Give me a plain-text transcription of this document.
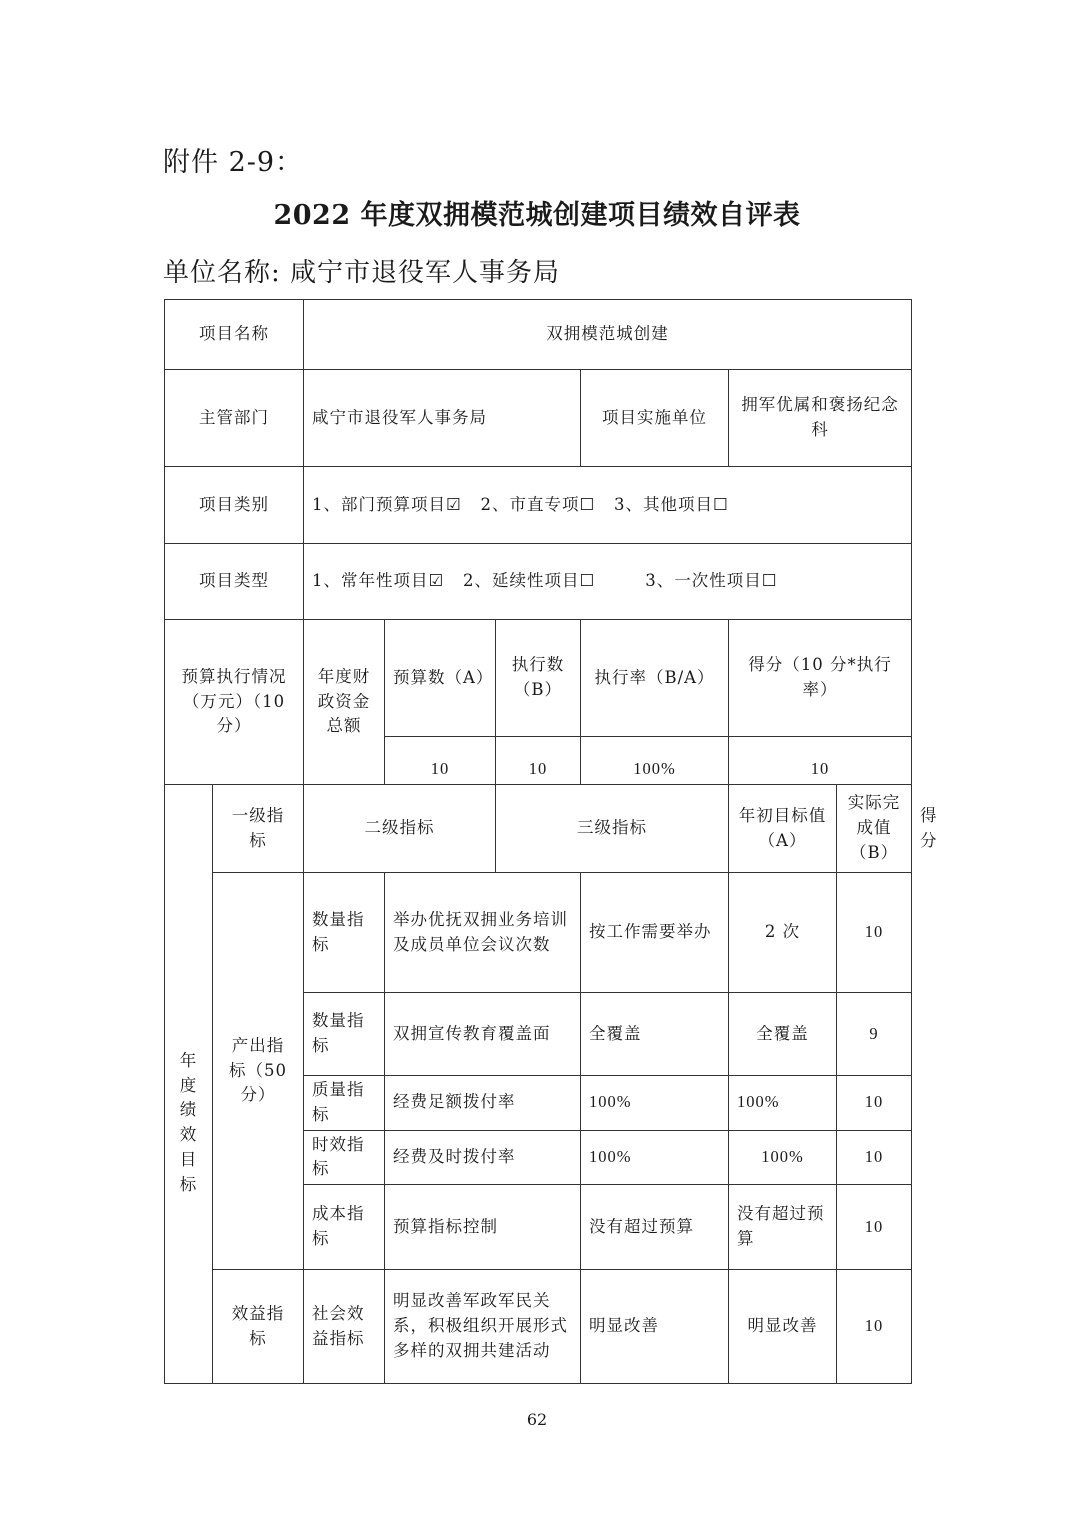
附件 2-9：
2022 年度双拥模范城创建项目绩效自评表
单位名称: 咸宁市退役军人事务局
项目名称		双拥模范城创建						
主管部门		咸宁市退役军人事务局			项目实施单位	拥军优属和褒扬纪念科		
项目类别		1、部门预算项目☑   2、市直专项☐   3、其他项目☐						
项目类型		1、常年性项目☑   2、延续性项目☐        3、一次性项目☐						
预算执行情况（万元）（10 分）		年度财政资金总额	预算数（A）	执行数（B）	执行率（B/A）	得分（10 分*执行率）		
			10	10	100%	10		
年度绩效目标	一级指标	二级指标		三级指标		年初目标值（A）	实际完成值（B）	得分
	产出指标（50 分）	数量指标	举办优抚双拥业务培训及成员单位会议次数		按工作需要举办	2 次	10	
		数量指标	双拥宣传教育覆盖面		全覆盖	全覆盖	9	
		质量指标	经费足额拨付率		100%	100%	10	
		时效指标	经费及时拨付率		100%	100%	10	
		成本指标	预算指标控制		没有超过预算	没有超过预算	10	
	效益指标	社会效益指标	明显改善军政军民关系，积极组织开展形式多样的双拥共建活动		明显改善	明显改善	10	
62
